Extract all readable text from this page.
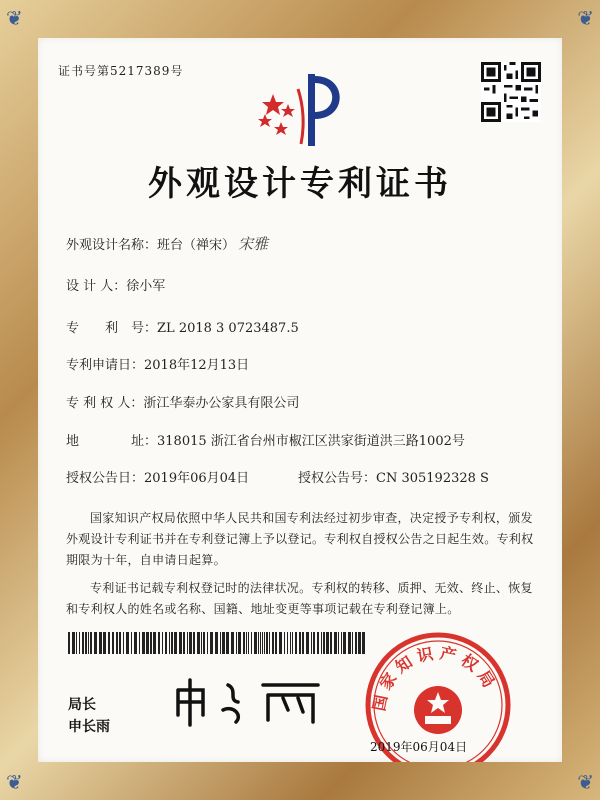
证书号第5217389号
外观设计专利证书
外观设计名称：班台（禅宋） 宋雅
设 计 人：徐小军
专　　利　号：ZL 2018 3 0723487.5
专利申请日：2018年12月13日
专 利 权 人：浙江华泰办公家具有限公司
地　　　　址：318015 浙江省台州市椒江区洪家街道洪三路1002号
授权公告日：2019年06月04日	授权公告号：CN 305192328 S
国家知识产权局依照中华人民共和国专利法经过初步审查，决定授予专利权，颁发外观设计专利证书并在专利登记簿上予以登记。专利权自授权公告之日起生效。专利权期限为十年，自申请日起算。
专利证书记载专利权登记时的法律状况。专利权的转移、质押、无效、终止、恢复和专利权人的姓名或名称、国籍、地址变更等事项记载在专利登记簿上。
局长
申长雨
国家知识产权局
2019年06月04日
❦	❦
❦	❦
